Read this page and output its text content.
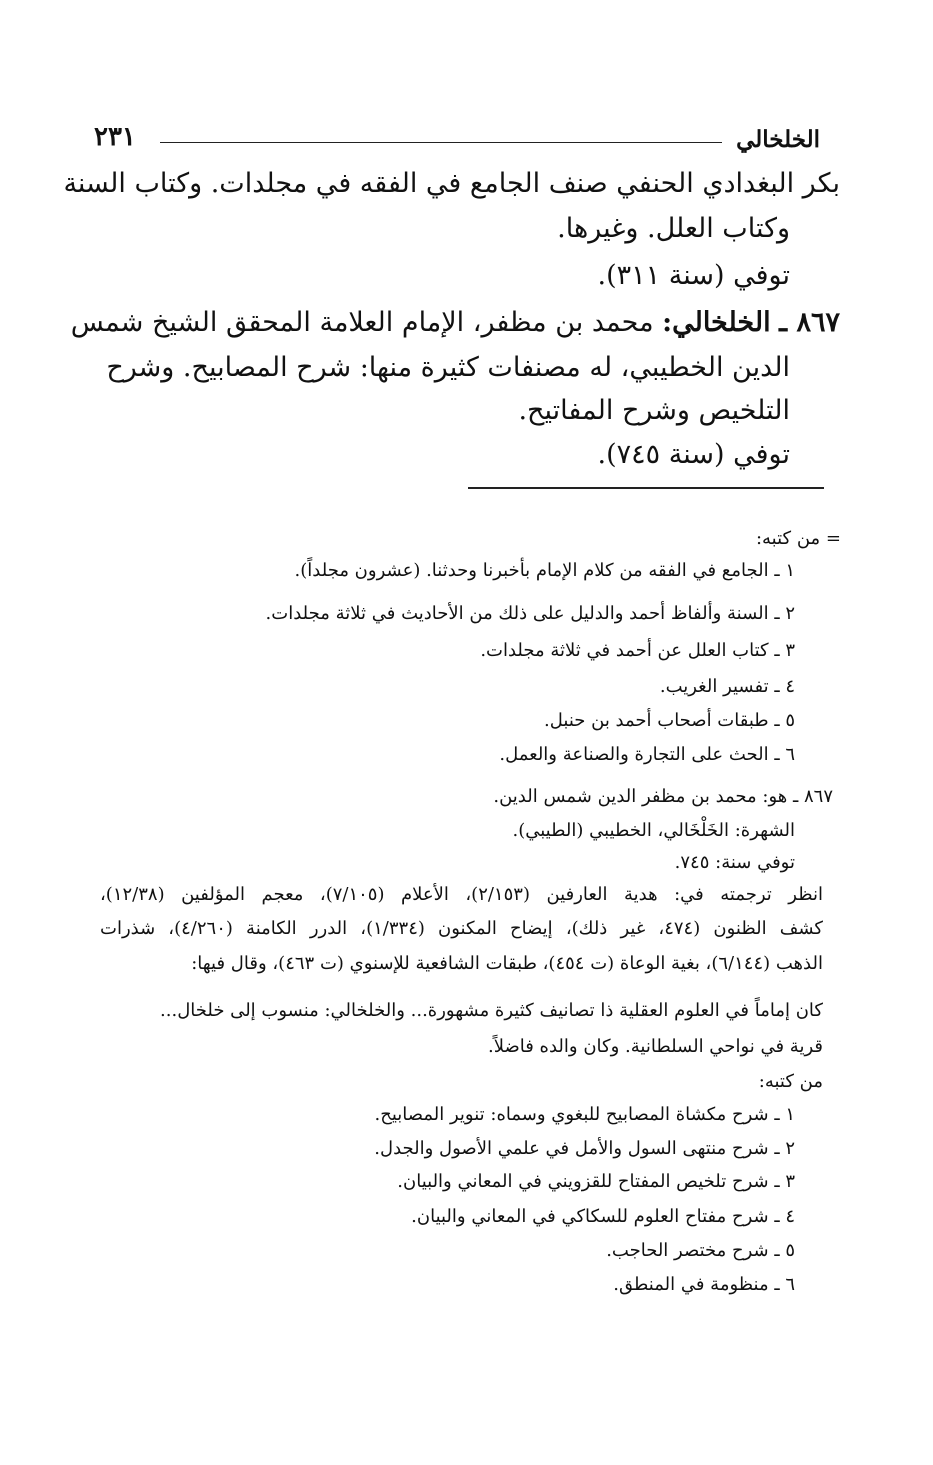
الخلخالي
٢٣١
بكر البغدادي الحنفي صنف الجامع في الفقه في مجلدات. وكتاب السنة
وكتاب العلل. وغيرها.
توفي (سنة ٣١١).
٨٦٧ ـ الخلخالي: محمد بن مظفر، الإمام العلامة المحقق الشيخ شمس
الدين الخطيبي، له مصنفات كثيرة منها: شرح المصابيح. وشرح
التلخيص وشرح المفاتيح.
توفي (سنة ٧٤٥).
= من كتبه:
١ ـ الجامع في الفقه من كلام الإمام بأخبرنا وحدثنا. (عشرون مجلداً).
٢ ـ السنة وألفاظ أحمد والدليل على ذلك من الأحاديث في ثلاثة مجلدات.
٣ ـ كتاب العلل عن أحمد في ثلاثة مجلدات.
٤ ـ تفسير الغريب.
٥ ـ طبقات أصحاب أحمد بن حنبل.
٦ ـ الحث على التجارة والصناعة والعمل.
٨٦٧ ـ هو: محمد بن مظفر الدين شمس الدين.
الشهرة: الخَلْخَالي، الخطيبي (الطيبي).
توفي سنة: ٧٤٥.
انظر ترجمته في: هدية العارفين (٢/١٥٣)، الأعلام (٧/١٠٥)، معجم المؤلفين (١٢/٣٨)،
كشف الظنون (٤٧٤، غير ذلك)، إيضاح المكنون (١/٣٣٤)، الدرر الكامنة (٤/٢٦٠)، شذرات
الذهب (٦/١٤٤)، بغية الوعاة (ت ٤٥٤)، طبقات الشافعية للإسنوي (ت ٤٦٣)، وقال فيها:
كان إماماً في العلوم العقلية ذا تصانيف كثيرة مشهورة... والخلخالي: منسوب إلى خلخال...
قرية في نواحي السلطانية. وكان والده فاضلاً.
من كتبه:
١ ـ شرح مكشاة المصابيح للبغوي وسماه: تنوير المصابيح.
٢ ـ شرح منتهى السول والأمل في علمي الأصول والجدل.
٣ ـ شرح تلخيص المفتاح للقزويني في المعاني والبيان.
٤ ـ شرح مفتاح العلوم للسكاكي في المعاني والبيان.
٥ ـ شرح مختصر الحاجب.
٦ ـ منظومة في المنطق.
